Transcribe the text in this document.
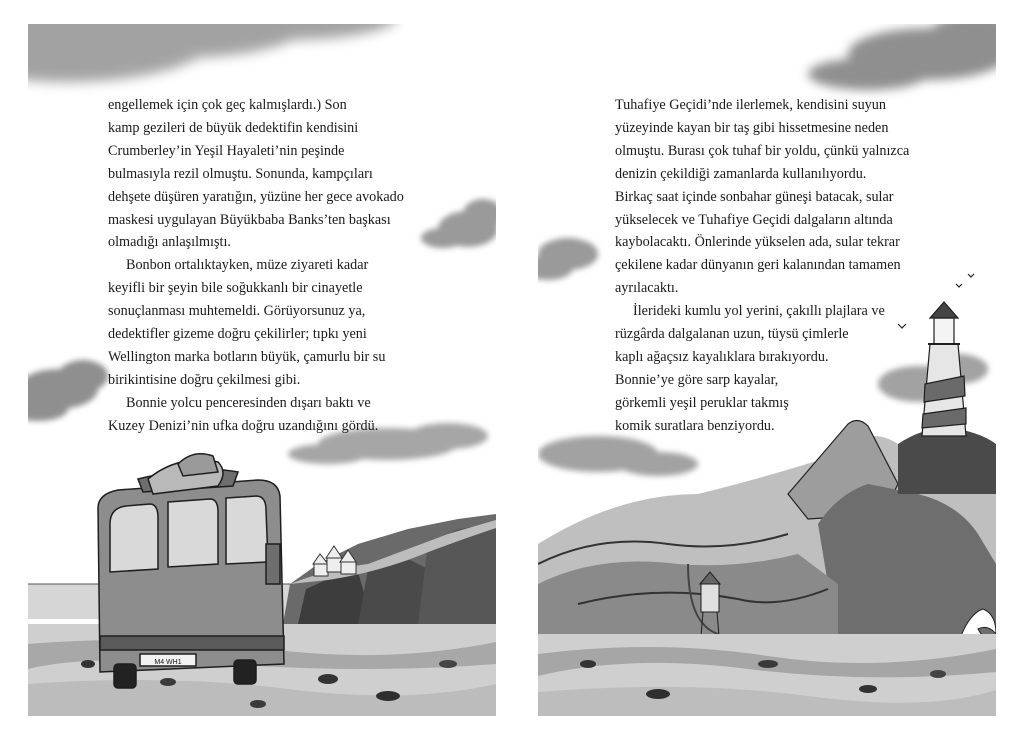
M4 WH1

engellemek için çok geç kalmışlardı.) Son

kamp gezileri de büyük dedektifin kendisini

Crumberley’in Yeşil Hayaleti’nin peşinde

bulmasıyla rezil olmuştu. Sonunda, kampçıları

dehşete düşüren yaratığın, yüzüne her gece avokado

maskesi uygulayan Büyükbaba Banks’ten başkası

olmadığı anlaşılmıştı.

Bonbon ortalıktayken, müze ziyareti kadar

keyifli bir şeyin bile soğukkanlı bir cinayetle

sonuçlanması muhtemeldi. Görüyorsunuz ya,

dedektifler gizeme doğru çekilirler; tıpkı yeni

Wellington marka botların büyük, çamurlu bir su

birikintisine doğru çekilmesi gibi.

Bonnie yolcu penceresinden dışarı baktı ve

Kuzey Denizi’nin ufka doğru uzandığını gördü.

Tuhafiye Geçidi’nde ilerlemek, kendisini suyun

yüzeyinde kayan bir taş gibi hissetmesine neden

olmuştu. Burası çok tuhaf bir yoldu, çünkü yalnızca

denizin çekildiği zamanlarda kullanılıyordu.

Birkaç saat içinde sonbahar güneşi batacak, sular

yükselecek ve Tuhafiye Geçidi dalgaların altında

kaybolacaktı. Önlerinde yükselen ada, sular tekrar

çekilene kadar dünyanın geri kalanından tamamen

ayrılacaktı.

İlerideki kumlu yol yerini, çakıllı plajlara ve

rüzgârda dalgalanan uzun, tüysü çimlerle

kaplı ağaçsız kayalıklara bırakıyordu.

Bonnie’ye göre sarp kayalar,

görkemli yeşil peruklar takmış

komik suratlara benziyordu.
